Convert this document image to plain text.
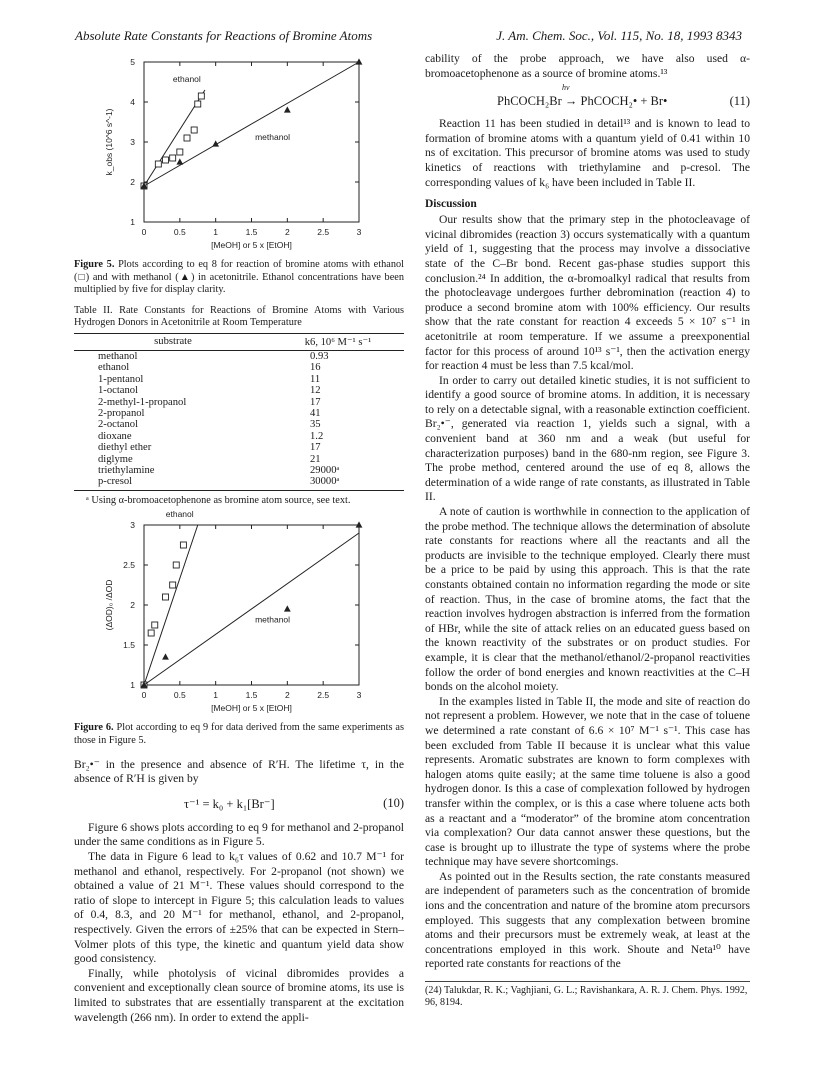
Absolute Rate Constants for Reactions of Bromine Atoms	J. Am. Chem. Soc., Vol. 115, No. 18, 1993 8343
0	0.5	1	1.5	2	2.5	3
1
2
3
4
5
[MeOH] or 5 x [EtOH]
k_obs (10^6 s^-1)
ethanol
methanol

Figure 5. Plots according to eq 8 for reaction of bromine atoms with ethanol (□) and with methanol (▲) in acetonitrile. Ethanol concentrations have been multiplied by five for display clarity.

Table II. Rate Constants for Reactions of Bromine Atoms with Various Hydrogen Donors in Acetonitrile at Room Temperature

substrate	k6, 10⁶ M⁻¹ s⁻¹
methanol	0.93
ethanol	16
1-pentanol	11
1-octanol	12
2-methyl-1-propanol	17
2-propanol	41
2-octanol	35
dioxane	1.2
diethyl ether	17
diglyme	21
triethylamine	29000ᵃ
p-cresol	30000ᵃ

ᵃ Using α-bromoacetophenone as bromine atom source, see text.

0	0.5	1	1.5	2	2.5	3
1
1.5
2
2.5
3
[MeOH] or 5 x [EtOH]
(ΔOD)₀ /ΔOD
ethanol
methanol

Figure 6. Plot according to eq 9 for data derived from the same experiments as those in Figure 5.

Br₂•⁻ in the presence and absence of R′H. The lifetime τ, in the absence of R′H is given by

τ⁻¹ = k₀ + k₁[Br⁻]	(10)

Figure 6 shows plots according to eq 9 for methanol and 2-propanol under the same conditions as in Figure 5.

The data in Figure 6 lead to k₆τ values of 0.62 and 10.7 M⁻¹ for methanol and ethanol, respectively. For 2-propanol (not shown) we obtained a value of 21 M⁻¹. These values should correspond to the ratio of slope to intercept in Figure 5; this calculation leads to values of 0.4, 8.3, and 20 M⁻¹ for methanol, ethanol, and 2-propanol, respectively. Given the errors of ±25% that can be expected in Stern–Volmer plots of this type, the kinetic and quantum yield data show good consistency.

Finally, while photolysis of vicinal dibromides provides a convenient and exceptionally clean source of bromine atoms, its use is limited to substrates that are essentially transparent at the excitation wavelength (266 nm). In order to extend the appli-

cability of the probe approach, we have also used α-bromoacetophenone as a source of bromine atoms.¹³

hν
PhCOCH₂Br → PhCOCH₂• + Br•	(11)

Reaction 11 has been studied in detail¹³ and is known to lead to formation of bromine atoms with a quantum yield of 0.41 within 10 ns of excitation. This precursor of bromine atoms was used to study kinetics of reactions with triethylamine and p-cresol. The corresponding values of k₆ have been included in Table II.

Discussion

Our results show that the primary step in the photocleavage of vicinal dibromides (reaction 3) occurs systematically with a quantum yield of 1, suggesting that the process may involve a dissociative state of the C–Br bond. Recent gas-phase studies support this conclusion.²⁴ In addition, the α-bromoalkyl radical that results from the photocleavage undergoes further debromination (reaction 4) to produce a second bromine atom with 100% efficiency. Our results show that the rate constant for reaction 4 exceeds 5 × 10⁷ s⁻¹ in acetonitrile at room temperature. If we assume a preexponential factor for this process of around 10¹³ s⁻¹, then the activation energy for reaction 4 must be less than 7.5 kcal/mol.

In order to carry out detailed kinetic studies, it is not sufficient to identify a good source of bromine atoms. In addition, it is necessary to rely on a detectable signal, with a reasonable extinction coefficient. Br₂•⁻, generated via reaction 1, yields such a signal, with a convenient band at 360 nm and a weak (but useful for characterization purposes) band in the 680-nm region, see Figure 3. The probe method, centered around the use of eq 8, allows the determination of a wide range of rate constants, as illustrated in Table II.

A note of caution is worthwhile in connection to the application of the probe method. The technique allows the determination of absolute rate constants for reactions where all the reactants and all the products are invisible to the technique employed. Clearly there must be a price to be paid by using this approach. This is that the rate constants obtained contain no information regarding the mode or site of reaction. Thus, in the case of bromine atoms, the fact that the reaction involves hydrogen abstraction is inferred from the formation of HBr, while the site of attack relies on an educated guess based on the known reactivity of the substrates or on product studies. For example, it is clear that the methanol/ethanol/2-propanol reactivities follow the order of bond energies and known reactivities at the C–H bonds on the alcohol moiety.

In the examples listed in Table II, the mode and site of reaction do not represent a problem. However, we note that in the case of toluene we determined a rate constant of 6.6 × 10⁷ M⁻¹ s⁻¹. This case has been excluded from Table II because it is unclear what this value represents. Aromatic substrates are known to form complexes with halogen atoms quite easily; at the same time toluene is also a good hydrogen donor. Is this a case of complexation followed by hydrogen transfer within the complex, or is this a case where toluene acts both as a reactant and a “moderator” of the bromine atom concentration via complexation? Our data cannot answer these questions, but the case is brought up to illustrate the type of systems where the probe technique may have severe shortcomings.

As pointed out in the Results section, the rate constants measured are independent of parameters such as the concentration of bromide ions and the concentration and nature of the bromine atom precursors employed. This suggests that any complexation between bromine atoms and their precursors must be extremely weak, at least at the concentrations employed in this work. Shoute and Neta¹⁰ have reported rate constants for reactions of the

(24) Talukdar, R. K.; Vaghjiani, G. L.; Ravishankara, A. R. J. Chem. Phys. 1992, 96, 8194.
